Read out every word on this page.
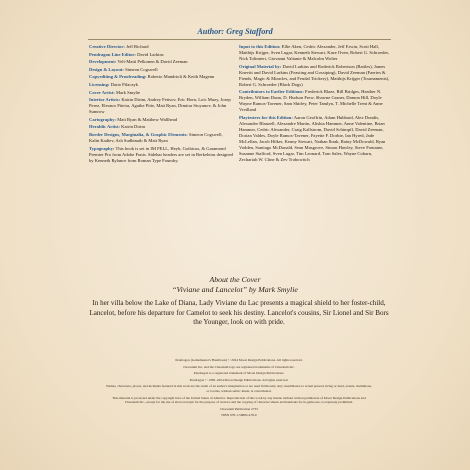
Author: Greg Stafford

Creative Director: Jeff Richard

Pendragon Line Editor: David Larkins

Development: Veli-Matti Pelkonen & David Zeeman

Design & Layout: Simeon Cogswell

Copyediting & Proofreading: Roberto Mandrioli & Keith Magenn

Licensing: Dario Pilaczyk

Cover Artist: Mark Smylie

Interior Artists: Katrin Dirim, Andrey Fetisov, Eric Horn, Loïc Muzy, Josep Perez, Eleonor Piteira, Agathe Pitie, Matt Ryan, Dimitar Stoyanov, & John Sumrow

Cartography: Matt Ryan & Matthew Wallhead

Heraldic Artist: Katrin Dirim

Border Designs, Marginalia, & Graphic Elements: Simeon Cogswell, Kalin Kadiev, Ash Sudbinath & Matt Ryan

Typography: This book is set in IM FELL, Heyb, Gothicus, & Garamond Premier Pro from Adobe Fonts. Sidebar headers are set in Berkeleias designed by Kenneth Rylance from Roman Type Foundry.

Input to this Edition: Ellie Aken, Cedric Alexander, Jeff Erwin, Scott Hall, Matthijs Krijger, Sven Lugar, Kenneth Stewart, Kaze Oven, Robert G. Schroeder, Nick Tolimieri, Giovanni Valiante & Malcolm Wolter

Original Material by: David Larkins and Roderick Robertson (Battles), James Knevitt and David Larkins (Feasting and Gossiping), David Zeeman (Faeries & Fiends, Magic & Miracles, and Feudal Trickery), Matthijs Krijger (Tournaments), Robert G. Schroeder (Black Dogs)

Contributors to Earlier Editions: Frederick Blaze, Bill Bridges, Heather N. Bryden, William Dunn, D. Hudson Frew, Shawne Graner, Damon Hill, Doyle Wayne Ramos-Tavener, Sam Shirley, Peter Tamlyn, T. Michelle Trent & Anne Vreilland

Playtesters for this Edition: Aaron Geoffrin, Adam Hubbard, Alex Dondis, Alexandre Blanzell, Alexandre Martin, Alishia Hammer, Anne Valentine, Brian Hammer, Cedric Alexander, Craig Kallstrom, David Schimpff, David Zeeman, Dorian Valdes, Doyle Ramos-Tavener, Fayette F. Dorbie, Ian Hyred, Jade McLellan, Jacob Hilker, Kenny Stewart, Nathan Ibrak, Rainy McDowald, Ryan Vodden, Santiago McDonald, Sean Musgrove, Simon Hawley, Steve Fontaine, Susanne Stafford, Sven Lugar, Tim Leonard, Tom Sales, Wayne Cobarn, Zechariah W. Cline & Zev Trabowitch

About the Cover
“Viviane and Lancelot” by Mark Smylie
In her villa below the Lake of Diana, Lady Viviane du Lac presents a magical shield to her foster-child, Lancelot, before his departure for Camelot to seek his destiny. Lancelot's cousins, Sir Lionel and Sir Bors the Younger, look on with pride.

Pendragon (Gamemaster's Handbook) © 2024 Moon Design Publications. All rights reserved.

Chaosium Inc. and the Chaosium logo are registered trademarks of Chaosium Inc.

Pendragon is a registered trademark of Moon Design Publications.

Pendragon © 1985–2024 Moon Design Publications. All rights reserved.

Names, characters, places, and incidents featured in this work are the result of an author's imagination or are used fictitiously. Any resemblance to actual persons living or dead, events, institutions, or locales, without satiric intent, is coincidental.

This material is protected under the copyright laws of the United States of America. Reproduction of this work by any means without written permission of Moon Design Publications and Chaosium Inc., except for the use of short excerpts for the purpose of reviews and the copying of character sheets and handouts for in-game use, is expressly prohibited.

Chaosium Publication 2733

ISBN 978-1-56882-478-0
